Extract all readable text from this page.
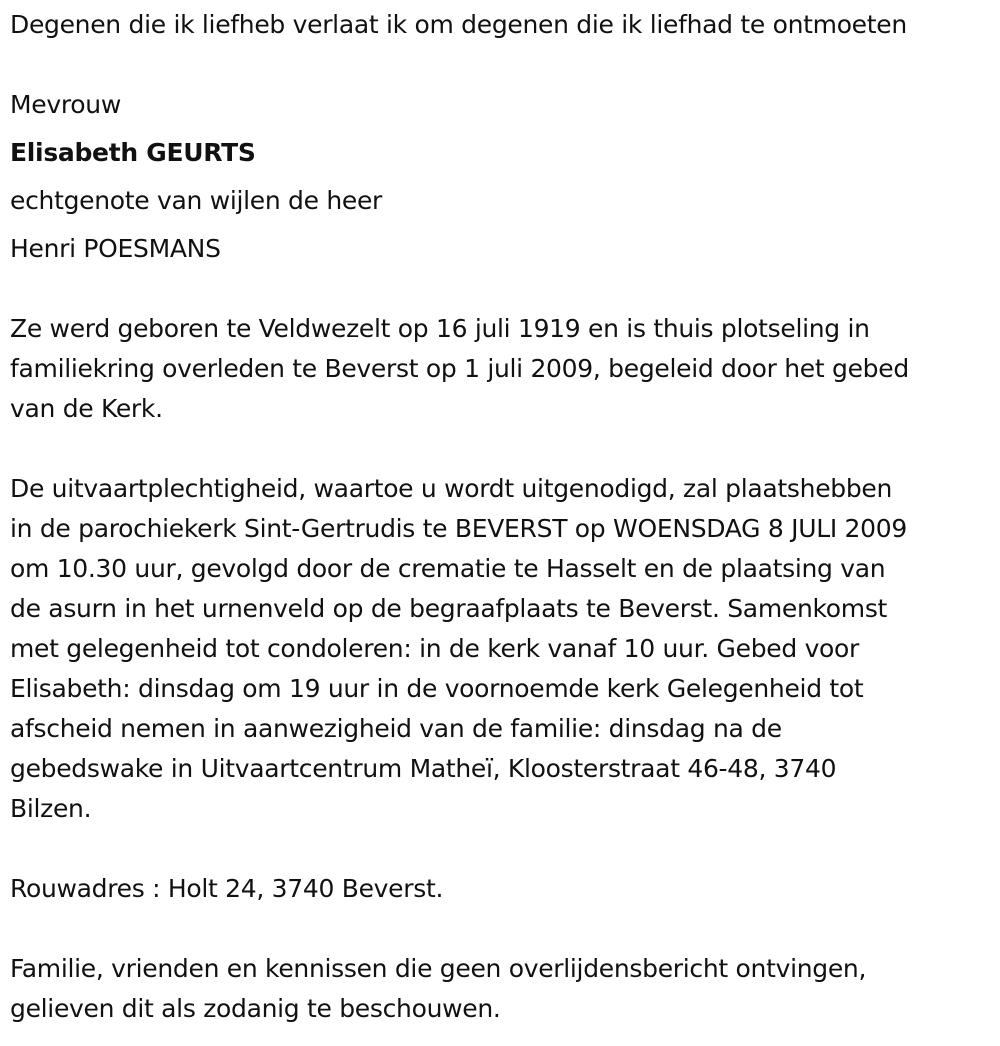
Degenen die ik liefheb verlaat ik om degenen die ik liefhad te ontmoeten
Mevrouw
Elisabeth GEURTS
echtgenote van wijlen de heer
Henri POESMANS
Ze werd geboren te Veldwezelt op 16 juli 1919 en is thuis plotseling in
familiekring overleden te Beverst op 1 juli 2009, begeleid door het gebed
van de Kerk.
De uitvaartplechtigheid, waartoe u wordt uitgenodigd, zal plaatshebben
in de parochiekerk Sint-Gertrudis te BEVERST op WOENSDAG 8 JULI 2009
om 10.30 uur, gevolgd door de crematie te Hasselt en de plaatsing van
de asurn in het urnenveld op de begraafplaats te Beverst. Samenkomst
met gelegenheid tot condoleren: in de kerk vanaf 10 uur. Gebed voor
Elisabeth: dinsdag om 19 uur in de voornoemde kerk Gelegenheid tot
afscheid nemen in aanwezigheid van de familie: dinsdag na de
gebedswake in Uitvaartcentrum Matheï, Kloosterstraat 46-48, 3740
Bilzen.
Rouwadres : Holt 24, 3740 Beverst.
Familie, vrienden en kennissen die geen overlijdensbericht ontvingen,
gelieven dit als zodanig te beschouwen.
